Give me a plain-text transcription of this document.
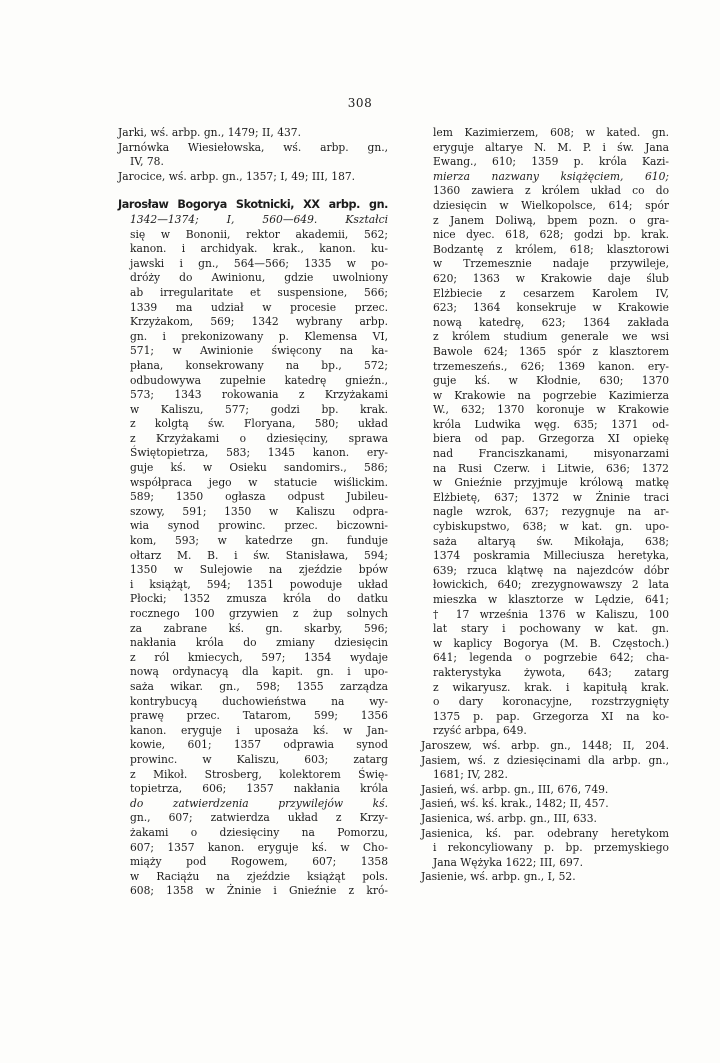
308
Jarki, wś. arbp. gn., 1479; II, 437.
Jarnówka Wiesiełowska, wś. arbp. gn.,
IV, 78.
Jarocice, wś. arbp. gn., 1357; I, 49; III, 187.
Jarosław Bogorya Skotnicki, XX arbp. gn.
1342—1374; I, 560—649. Kształci
się w Bononii, rektor akademii, 562;
kanon. i archidyak. krak., kanon. ku-
jawski i gn., 564—566; 1335 w po-
dróży do Awinionu, gdzie uwolniony
ab irregularitate et suspensione, 566;
1339 ma udział w procesie przec.
Krzyżakom, 569; 1342 wybrany arbp.
gn. i prekonizowany p. Klemensa VI,
571; w Awinionie święcony na ka-
płana, konsekrowany na bp., 572;
odbudowywa zupełnie katedrę gnieźn.,
573; 1343 rokowania z Krzyżakami
w Kaliszu, 577; godzi bp. krak.
z kolgtą św. Floryana, 580; układ
z Krzyżakami o dziesięciny, sprawa
Świętopietrza, 583; 1345 kanon. ery-
guje kś. w Osieku sandomirs., 586;
współpraca jego w statucie wiślickim.
589; 1350 ogłasza odpust Jubileu-
szowy, 591; 1350 w Kaliszu odpra-
wia synod prowinc. przec. biczowni-
kom, 593; w katedrze gn. funduje
ołtarz M. B. i św. Stanisława, 594;
1350 w Sulejowie na zjeździe bpów
i książąt, 594; 1351 powoduje układ
Płocki; 1352 zmusza króla do datku
rocznego 100 grzywien z żup solnych
za zabrane kś. gn. skarby, 596;
nakłania króla do zmiany dziesięcin
z ról kmiecych, 597; 1354 wydaje
nową ordynacyą dla kapit. gn. i upo-
saża wikar. gn., 598; 1355 zarządza
kontrybucyą duchowieństwa na wy-
prawę przec. Tatarom, 599; 1356
kanon. eryguje i uposaża kś. w Jan-
kowie, 601; 1357 odprawia synod
prowinc. w Kaliszu, 603; zatarg
z Mikoł. Strosberg, kolektorem Świę-
topietrza, 606; 1357 nakłania króla
do zatwierdzenia przywilejów kś.
gn., 607; zatwierdza układ z Krzy-
żakami o dziesięciny na Pomorzu,
607; 1357 kanon. eryguje kś. w Cho-
miąży pod Rogowem, 607; 1358
w Raciążu na zjeździe książąt pols.
608; 1358 w Żninie i Gnieźnie z kró-
lem Kazimierzem, 608; w kated. gn.
eryguje altarye N. M. P. i św. Jana
Ewang., 610; 1359 p. króla Kazi-
mierza nazwany książęciem, 610;
1360 zawiera z królem układ co do
dziesięcin w Wielkopolsce, 614; spór
z Janem Doliwą, bpem pozn. o gra-
nice dyec. 618, 628; godzi bp. krak.
Bodzantę z królem, 618; klasztorowi
w Trzemesznie nadaje przywileje,
620; 1363 w Krakowie daje ślub
Elżbiecie z cesarzem Karolem IV,
623; 1364 konsekruje w Krakowie
nową katedrę, 623; 1364 zakłada
z królem studium generale we wsi
Bawole 624; 1365 spór z klasztorem
trzemeszeńs., 626; 1369 kanon. ery-
guje kś. w Kłodnie, 630; 1370
w Krakowie na pogrzebie Kazimierza
W., 632; 1370 koronuje w Krakowie
króla Ludwika węg. 635; 1371 od-
biera od pap. Grzegorza XI opiekę
nad Franciszkanami, misyonarzami
na Rusi Czerw. i Litwie, 636; 1372
w Gnieźnie przyjmuje królową matkę
Elżbietę, 637; 1372 w Żninie traci
nagle wzrok, 637; rezygnuje na ar-
cybiskupstwo, 638; w kat. gn. upo-
saża altaryą św. Mikołaja, 638;
1374 poskramia Milleciusza heretyka,
639; rzuca klątwę na najezdców dóbr
łowickich, 640; zrezygnowawszy 2 lata
mieszka w klasztorze w Lędzie, 641;
† 17 września 1376 w Kaliszu, 100
lat stary i pochowany w kat. gn.
w kaplicy Bogorya (M. B. Częstoch.)
641; legenda o pogrzebie 642; cha-
rakterystyka żywota, 643; zatarg
z wikaryusz. krak. i kapitułą krak.
o dary koronacyjne, rozstrzygnięty
1375 p. pap. Grzegorza XI na ko-
rzyść arbpa, 649.
Jaroszew, wś. arbp. gn., 1448; II, 204.
Jasiem, wś. z dziesięcinami dla arbp. gn.,
1681; IV, 282.
Jasień, wś. arbp. gn., III, 676, 749.
Jasień, wś. kś. krak., 1482; II, 457.
Jasienica, wś. arbp. gn., III, 633.
Jasienica, kś. par. odebrany heretykom
i rekoncyliowany p. bp. przemyskiego
Jana Wężyka 1622; III, 697.
Jasienie, wś. arbp. gn., I, 52.
